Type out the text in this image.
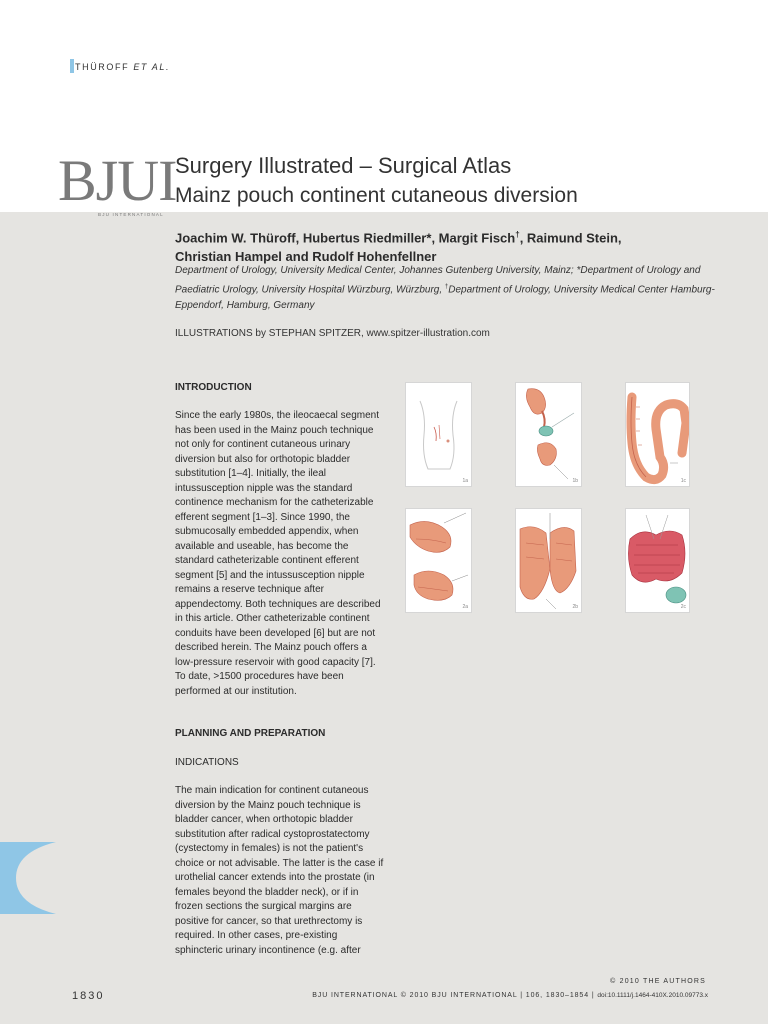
THÜROFF ET AL.
BJUI
BJU INTERNATIONAL
Surgery Illustrated – Surgical Atlas
Mainz pouch continent cutaneous diversion
Joachim W. Thüroff, Hubertus Riedmiller*, Margit Fisch†, Raimund Stein,
Christian Hampel and Rudolf Hohenfellner
Department of Urology, University Medical Center, Johannes Gutenberg University, Mainz; *Department of Urology and Paediatric Urology, University Hospital Würzburg, Würzburg, †Department of Urology, University Medical Center Hamburg-Eppendorf, Hamburg, Germany
ILLUSTRATIONS by STEPHAN SPITZER, www.spitzer-illustration.com
INTRODUCTION
Since the early 1980s, the ileocaecal segment has been used in the Mainz pouch technique not only for continent cutaneous urinary diversion but also for orthotopic bladder substitution [1–4]. Initially, the ileal intussusception nipple was the standard continence mechanism for the catheterizable efferent segment [1–3]. Since 1990, the submucosally embedded appendix, when available and useable, has become the standard catheterizable continent efferent segment [5] and the intussusception nipple remains a reserve technique after appendectomy. Both techniques are described in this article. Other catheterizable continent conduits have been developed [6] but are not described herein. The Mainz pouch offers a low-pressure reservoir with good capacity [7]. To date, >1500 procedures have been performed at our institution.
PLANNING AND PREPARATION
INDICATIONS
The main indication for continent cutaneous diversion by the Mainz pouch technique is bladder cancer, when orthotopic bladder substitution after radical cystoprostatectomy (cystectomy in females) is not the patient's choice or not advisable. The latter is the case if urothelial cancer extends into the prostate (in females beyond the bladder neck), or if in frozen sections the surgical margins are positive for cancer, so that urethrectomy is required. In other cases, pre-existing sphincteric urinary incontinence (e.g. after
1a	1b	1c
2a	2b	2c
1830
© 2010 THE AUTHORS
BJU INTERNATIONAL © 2010 BJU INTERNATIONAL | 106, 1830–1854 | doi:10.1111/j.1464-410X.2010.09773.x
